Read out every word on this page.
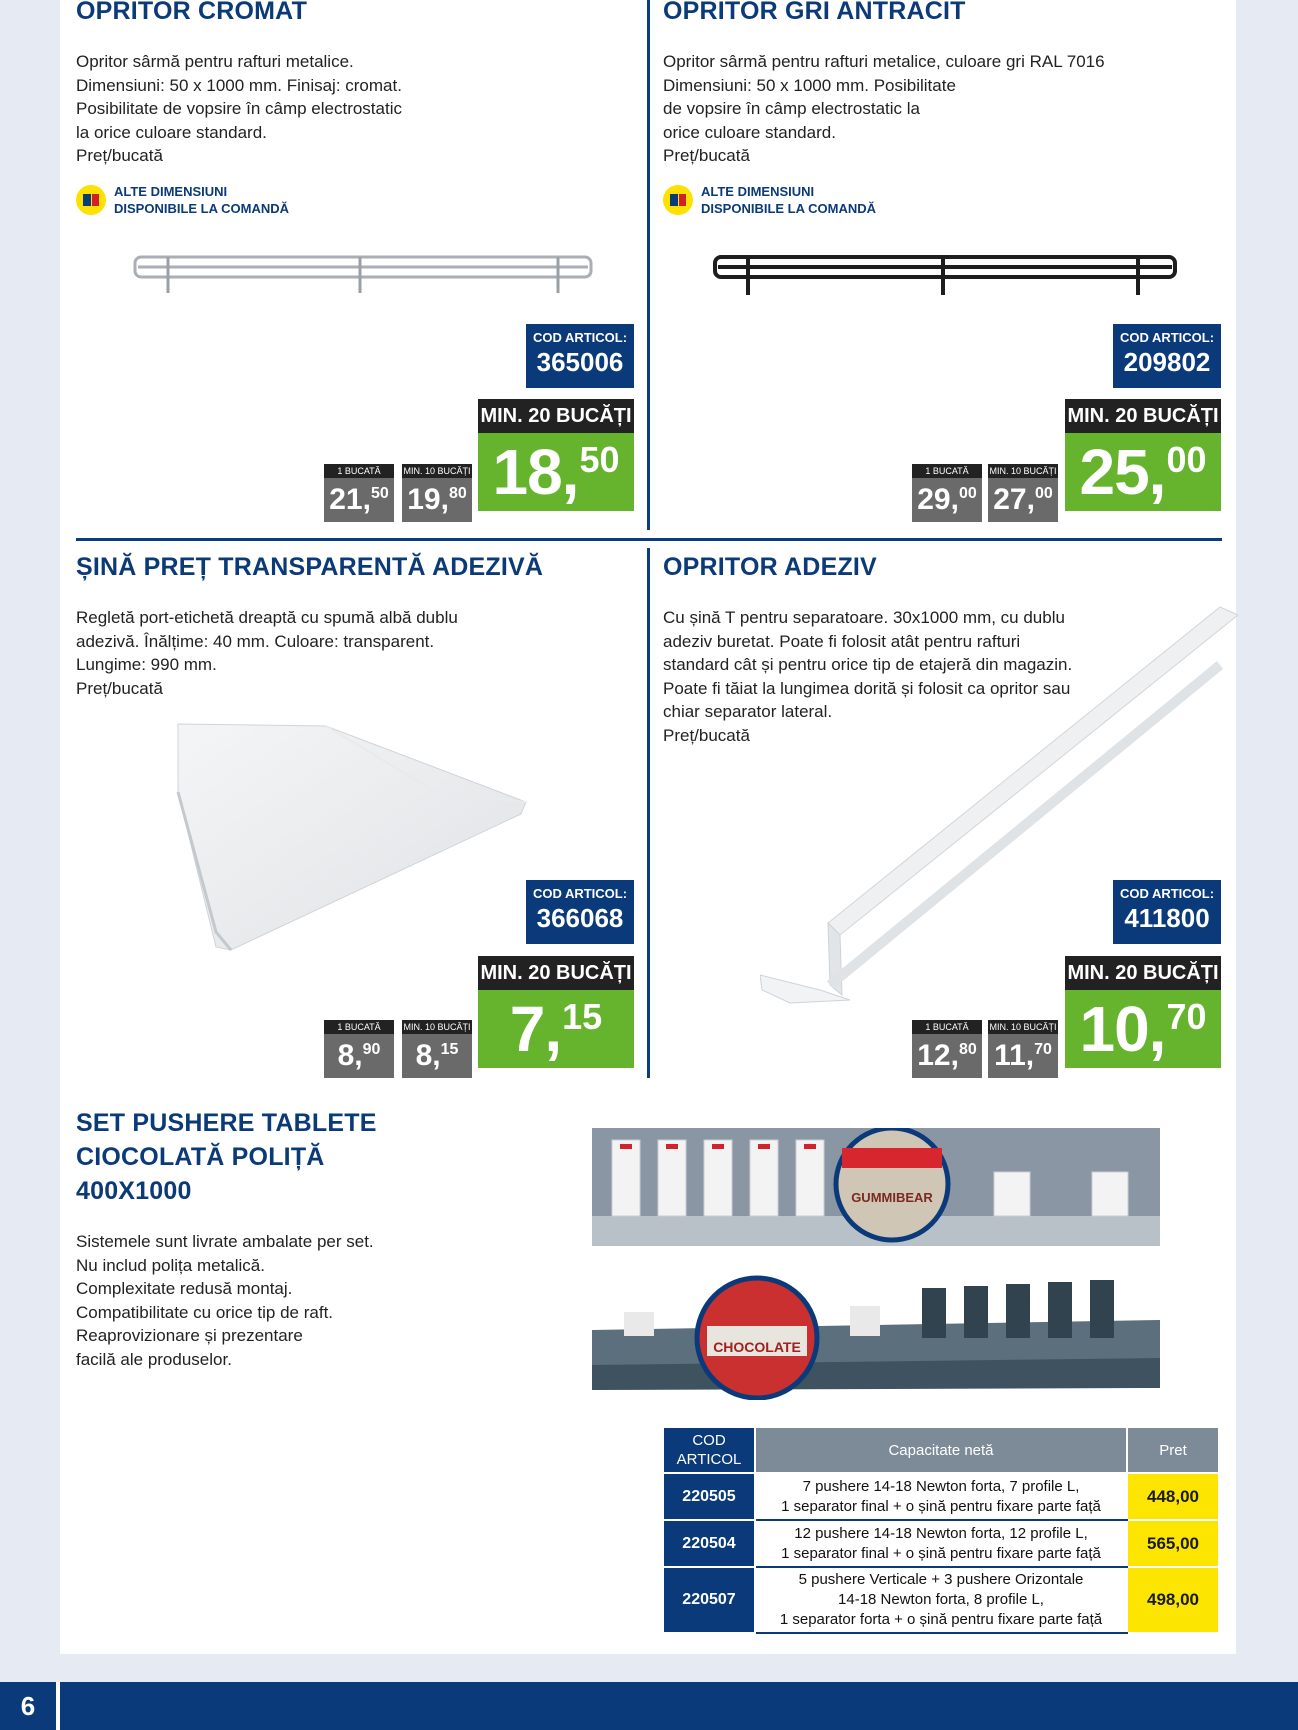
OPRITOR CROMAT
Opritor sârmă pentru rafturi metalice.
Dimensiuni: 50 x 1000 mm. Finisaj: cromat.
Posibilitate de vopsire în câmp electrostatic
la orice culoare standard.
Preț/bucată
ALTE DIMENSIUNI
DISPONIBILE LA COMANDĂ
COD ARTICOL:
365006
MIN. 20 BUCĂȚI
18 , 50
1 BUCATĂ
21 , 50
MIN. 10 BUCĂȚI
19 , 80
OPRITOR GRI ANTRACIT
Opritor sârmă pentru rafturi metalice, culoare gri RAL 7016
Dimensiuni: 50 x 1000 mm. Posibilitate
de vopsire în câmp electrostatic la
orice culoare standard.
Preț/bucată
ALTE DIMENSIUNI
DISPONIBILE LA COMANDĂ
COD ARTICOL:
209802
MIN. 20 BUCĂȚI
25 , 00
1 BUCATĂ
29 , 00
MIN. 10 BUCĂȚI
27 , 00
ȘINĂ PREȚ TRANSPARENTĂ ADEZIVĂ
Regletă port-etichetă dreaptă cu spumă albă dublu
adezivă. Înălțime: 40 mm. Culoare: transparent.
Lungime: 990 mm.
Preț/bucată
COD ARTICOL:
366068
MIN. 20 BUCĂȚI
7 , 15
1 BUCATĂ
8 , 90
MIN. 10 BUCĂȚI
8 , 15
OPRITOR ADEZIV
Cu șină T pentru separatoare. 30x1000 mm, cu dublu
adeziv buretat. Poate fi folosit atât pentru rafturi
standard cât și pentru orice tip de etajeră din magazin.
Poate fi tăiat la lungimea dorită și folosit ca opritor sau
chiar separator lateral.
Preț/bucată
COD ARTICOL:
411800
MIN. 20 BUCĂȚI
10 , 70
1 BUCATĂ
12 , 80
MIN. 10 BUCĂȚI
11 , 70
SET PUSHERE TABLETE
CIOCOLATĂ POLIȚĂ
400X1000
Sistemele sunt livrate ambalate per set.
Nu includ polița metalică.
Complexitate redusă montaj.
Compatibilitate cu orice tip de raft.
Reaprovizionare și prezentare
facilă ale produselor.
GUMMIBEAR
CHOCOLATE
COD ARTICOL	Capacitate netă	Pret
220505	7 pushere 14-18 Newton forta, 7 profile L,
1 separator final + o șină pentru fixare parte față	448,00
220504	12 pushere 14-18 Newton forta, 12 profile L,
1 separator final + o șină pentru fixare parte față	565,00
220507	5 pushere Verticale + 3 pushere Orizontale
14-18 Newton forta, 8 profile L,
1 separator forta + o șină pentru fixare parte față	498,00
6
